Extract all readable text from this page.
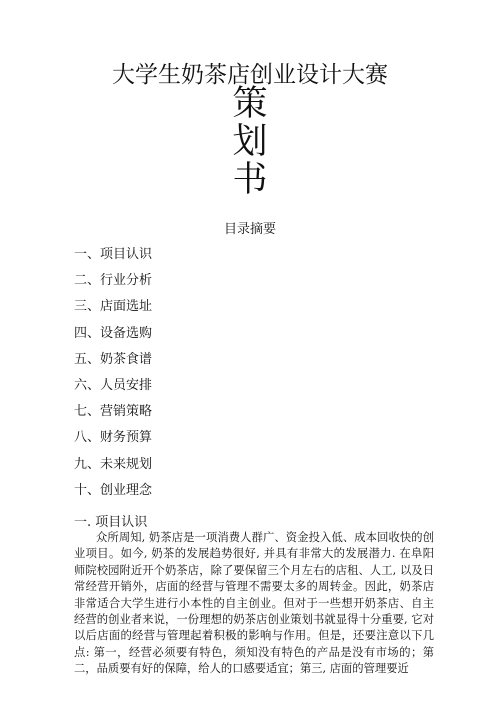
大学生奶茶店创业设计大赛
策
划
书
目录摘要
一、项目认识
二、行业分析
三、店面选址
四、设备选购
五、奶茶食谱
六、人员安排
七、营销策略
八、财务预算
九、未来规划
十、创业理念
一. 项目认识

众所周知, 奶茶店是一项消费人群广、资金投入低、成本回收快的创业项目。如今, 奶茶的发展趋势很好, 并具有非常大的发展潜力. 在阜阳师院校园附近开个奶茶店，除了要保留三个月左右的店租、人工, 以及日常经营开销外，店面的经营与管理不需要太多的周转金。因此，奶茶店非常适合大学生进行小本性的自主创业。但对于一些想开奶茶店、自主经营的创业者来说，一份理想的奶茶店创业策划书就显得十分重要, 它对以后店面的经营与管理起着积极的影响与作用。但是，还要注意以下几点: 第一，经营必须要有特色，须知没有特色的产品是没有市场的；第二，品质要有好的保障，给人的口感要适宜；第三, 店面的管理要近
